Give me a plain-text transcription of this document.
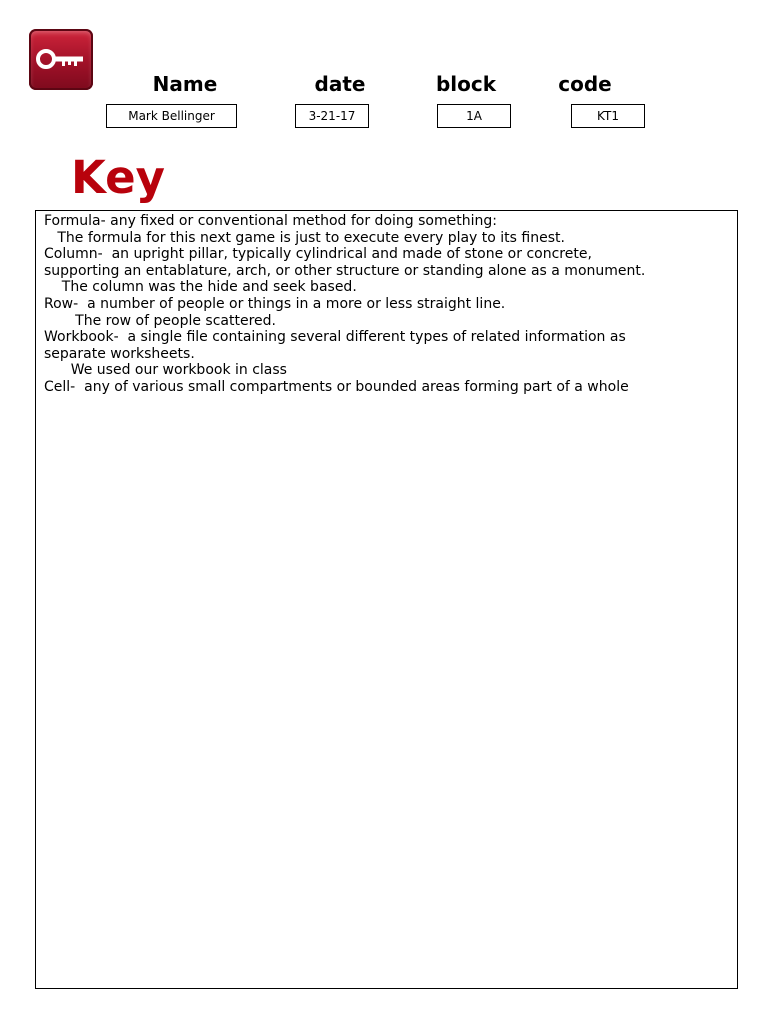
Name	date	block	code
Mark Bellinger	3-21-17	1A	KT1
Key
Formula- any fixed or conventional method for doing something:
The formula for this next game is just to execute every play to its finest.
Column-  an upright pillar, typically cylindrical and made of stone or concrete,
supporting an entablature, arch, or other structure or standing alone as a monument.
The column was the hide and seek based.
Row-  a number of people or things in a more or less straight line.
The row of people scattered.
Workbook-  a single file containing several different types of related information as
separate worksheets.
We used our workbook in class
Cell-  any of various small compartments or bounded areas forming part of a whole
